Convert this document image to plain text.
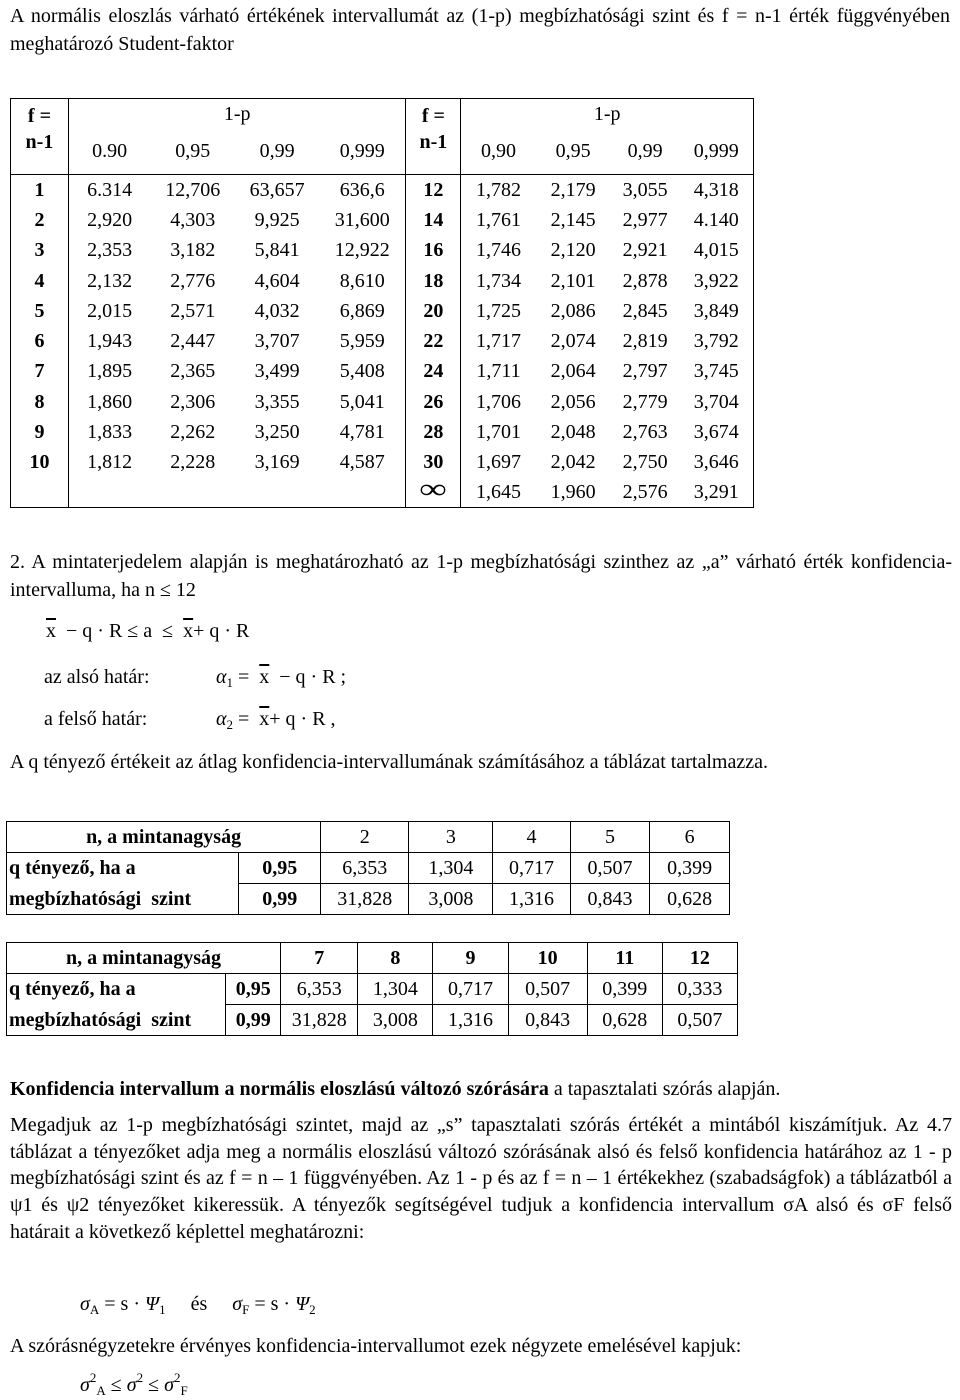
A normális eloszlás várható értékének intervallumát az (1-p) megbízhatósági szint és f = n-1 érték függvényében meghatározó Student-faktor

f =	1-p				f =	1-p			
n-1	0.90	0,95	0,99	0,999	n-1	0,90	0,95	0,99	0,999
1	6.314	12,706	63,657	636,6	12	1,782	2,179	3,055	4,318
2	2,920	4,303	9,925	31,600	14	1,761	2,145	2,977	4.140
3	2,353	3,182	5,841	12,922	16	1,746	2,120	2,921	4,015
4	2,132	2,776	4,604	8,610	18	1,734	2,101	2,878	3,922
5	2,015	2,571	4,032	6,869	20	1,725	2,086	2,845	3,849
6	1,943	2,447	3,707	5,959	22	1,717	2,074	2,819	3,792
7	1,895	2,365	3,499	5,408	24	1,711	2,064	2,797	3,745
8	1,860	2,306	3,355	5,041	26	1,706	2,056	2,779	3,704
9	1,833	2,262	3,250	4,781	28	1,701	2,048	2,763	3,674
10	1,812	2,228	3,169	4,587	30	1,697	2,042	2,750	3,646
					∞	1,645	1,960	2,576	3,291

2. A mintaterjedelem alapján is meghatározható az 1-p megbízhatósági szinthez az „a” várható érték konfidencia-intervalluma, ha n ≤ 12

$\overline{x} - q \cdot R \le a \le \overline{x}+ q \cdot R$
az alsó határ:	$\alpha_1 = \overline{x} - q \cdot R$ ;
a felső határ:	$\alpha_2 = \overline{x}+ q \cdot R$ ,

A q tényező értékeit az átlag konfidencia-intervallumának számításához a táblázat tartalmazza.

n, a mintanagyság		2	3	4	5	6
q tényező, ha a	0,95	6,353	1,304	0,717	0,507	0,399
megbízhatósági  szint	0,99	31,828	3,008	1,316	0,843	0,628
n, a mintanagyság		7	8	9	10	11	12
q tényező, ha a	0,95	6,353	1,304	0,717	0,507	0,399	0,333
megbízhatósági  szint	0,99	31,828	3,008	1,316	0,843	0,628	0,507

Konfidencia intervallum a normális eloszlású változó szórására a tapasztalati szórás alapján.

Megadjuk az 1-p megbízhatósági szintet, majd az „s” tapasztalati szórás értékét a mintából kiszámítjuk. Az 4.7 táblázat a tényezőket adja meg a normális eloszlású változó szórásának alsó és felső konfidencia határához az 1 - p megbízhatósági szint és az f = n – 1 függvényében. Az 1 - p és az f = n – 1 értékekhez (szabadságfok) a táblázatból a ψ1 és ψ2 tényezőket kikeressük. A tényezők segítségével tudjuk a konfidencia intervallum σA alsó és σF felső határait a következő képlettel meghatározni:

$\sigma_A = s \cdot \Psi_1$ és $\sigma_F = s \cdot \Psi_2$

A szórásnégyzetekre érvényes konfidencia-intervallumot ezek négyzete emelésével kapjuk:

$\sigma^2_A \le \sigma^2 \le \sigma^2_F$
